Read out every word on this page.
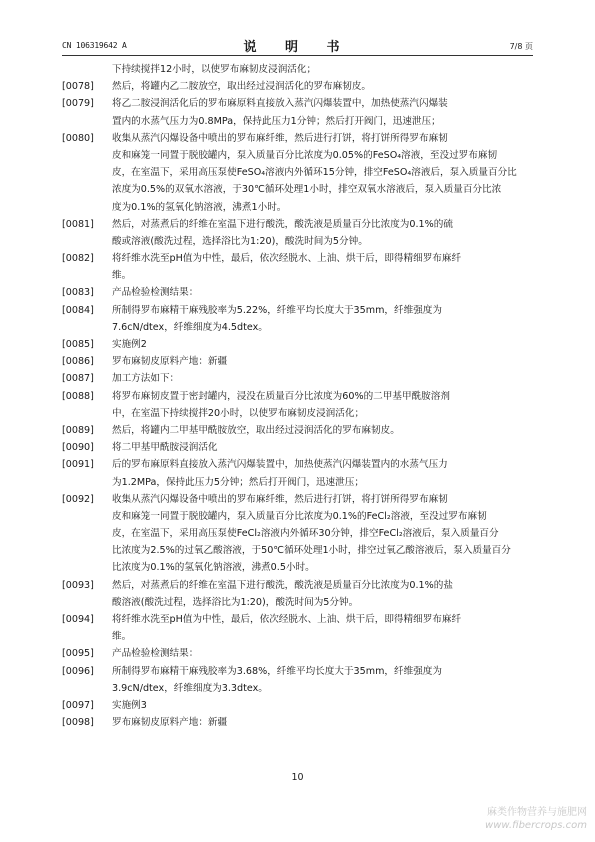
CN 106319642 A	说 明 书	7/8 页
下持续搅拌12小时，以使罗布麻韧皮浸润活化；
[0078] 然后，将罐内乙二胺放空，取出经过浸润活化的罗布麻韧皮。
[0079] 将乙二胺浸润活化后的罗布麻原料直接放入蒸汽闪爆装置中，加热使蒸汽闪爆装
置内的水蒸气压力为0.8MPa，保持此压力1分钟；然后打开阀门，迅速泄压；
[0080] 收集从蒸汽闪爆设备中喷出的罗布麻纤维，然后进行打饼，将打饼所得罗布麻韧
皮和麻笼一同置于脱胶罐内，泵入质量百分比浓度为0.05%的FeSO₄溶液，至没过罗布麻韧
皮，在室温下，采用高压泵使FeSO₄溶液内外循环15分钟，排空FeSO₄溶液后，泵入质量百分比
浓度为0.5%的双氧水溶液，于30℃循环处理1小时，排空双氧水溶液后，泵入质量百分比浓
度为0.1%的氢氧化钠溶液，沸煮1小时。
[0081] 然后，对蒸煮后的纤维在室温下进行酸洗，酸洗液是质量百分比浓度为0.1%的硫
酸或溶液(酸洗过程，选择浴比为1:20)，酸洗时间为5分钟。
[0082] 将纤维水洗至pH值为中性，最后，依次经脱水、上油、烘干后，即得精细罗布麻纤
维。
[0083] 产品检验检测结果：
[0084] 所制得罗布麻精干麻残胶率为5.22%，纤维平均长度大于35mm，纤维强度为
7.6cN/dtex，纤维细度为4.5dtex。
[0085] 实施例2
[0086] 罗布麻韧皮原料产地：新疆
[0087] 加工方法如下：
[0088] 将罗布麻韧皮置于密封罐内，浸没在质量百分比浓度为60%的二甲基甲酰胺溶剂
中，在室温下持续搅拌20小时，以使罗布麻韧皮浸润活化；
[0089] 然后，将罐内二甲基甲酰胺放空，取出经过浸润活化的罗布麻韧皮。
[0090] 将二甲基甲酰胺浸润活化
[0091] 后的罗布麻原料直接放入蒸汽闪爆装置中，加热使蒸汽闪爆装置内的水蒸气压力
为1.2MPa，保持此压力5分钟；然后打开阀门，迅速泄压；
[0092] 收集从蒸汽闪爆设备中喷出的罗布麻纤维，然后进行打饼，将打饼所得罗布麻韧
皮和麻笼一同置于脱胶罐内，泵入质量百分比浓度为0.1%的FeCl₂溶液，至没过罗布麻韧
皮，在室温下，采用高压泵使FeCl₂溶液内外循环30分钟，排空FeCl₂溶液后，泵入质量百分
比浓度为2.5%的过氧乙酸溶液，于50℃循环处理1小时，排空过氧乙酸溶液后，泵入质量百分
比浓度为0.1%的氢氧化钠溶液，沸煮0.5小时。
[0093] 然后，对蒸煮后的纤维在室温下进行酸洗，酸洗液是质量百分比浓度为0.1%的盐
酸溶液(酸洗过程，选择浴比为1:20)，酸洗时间为5分钟。
[0094] 将纤维水洗至pH值为中性，最后，依次经脱水、上油、烘干后，即得精细罗布麻纤
维。
[0095] 产品检验检测结果：
[0096] 所制得罗布麻精干麻残胶率为3.68%，纤维平均长度大于35mm，纤维强度为
3.9cN/dtex，纤维细度为3.3dtex。
[0097] 实施例3
[0098] 罗布麻韧皮原料产地：新疆
10
麻类作物营养与施肥网
www.fibercrops.com
